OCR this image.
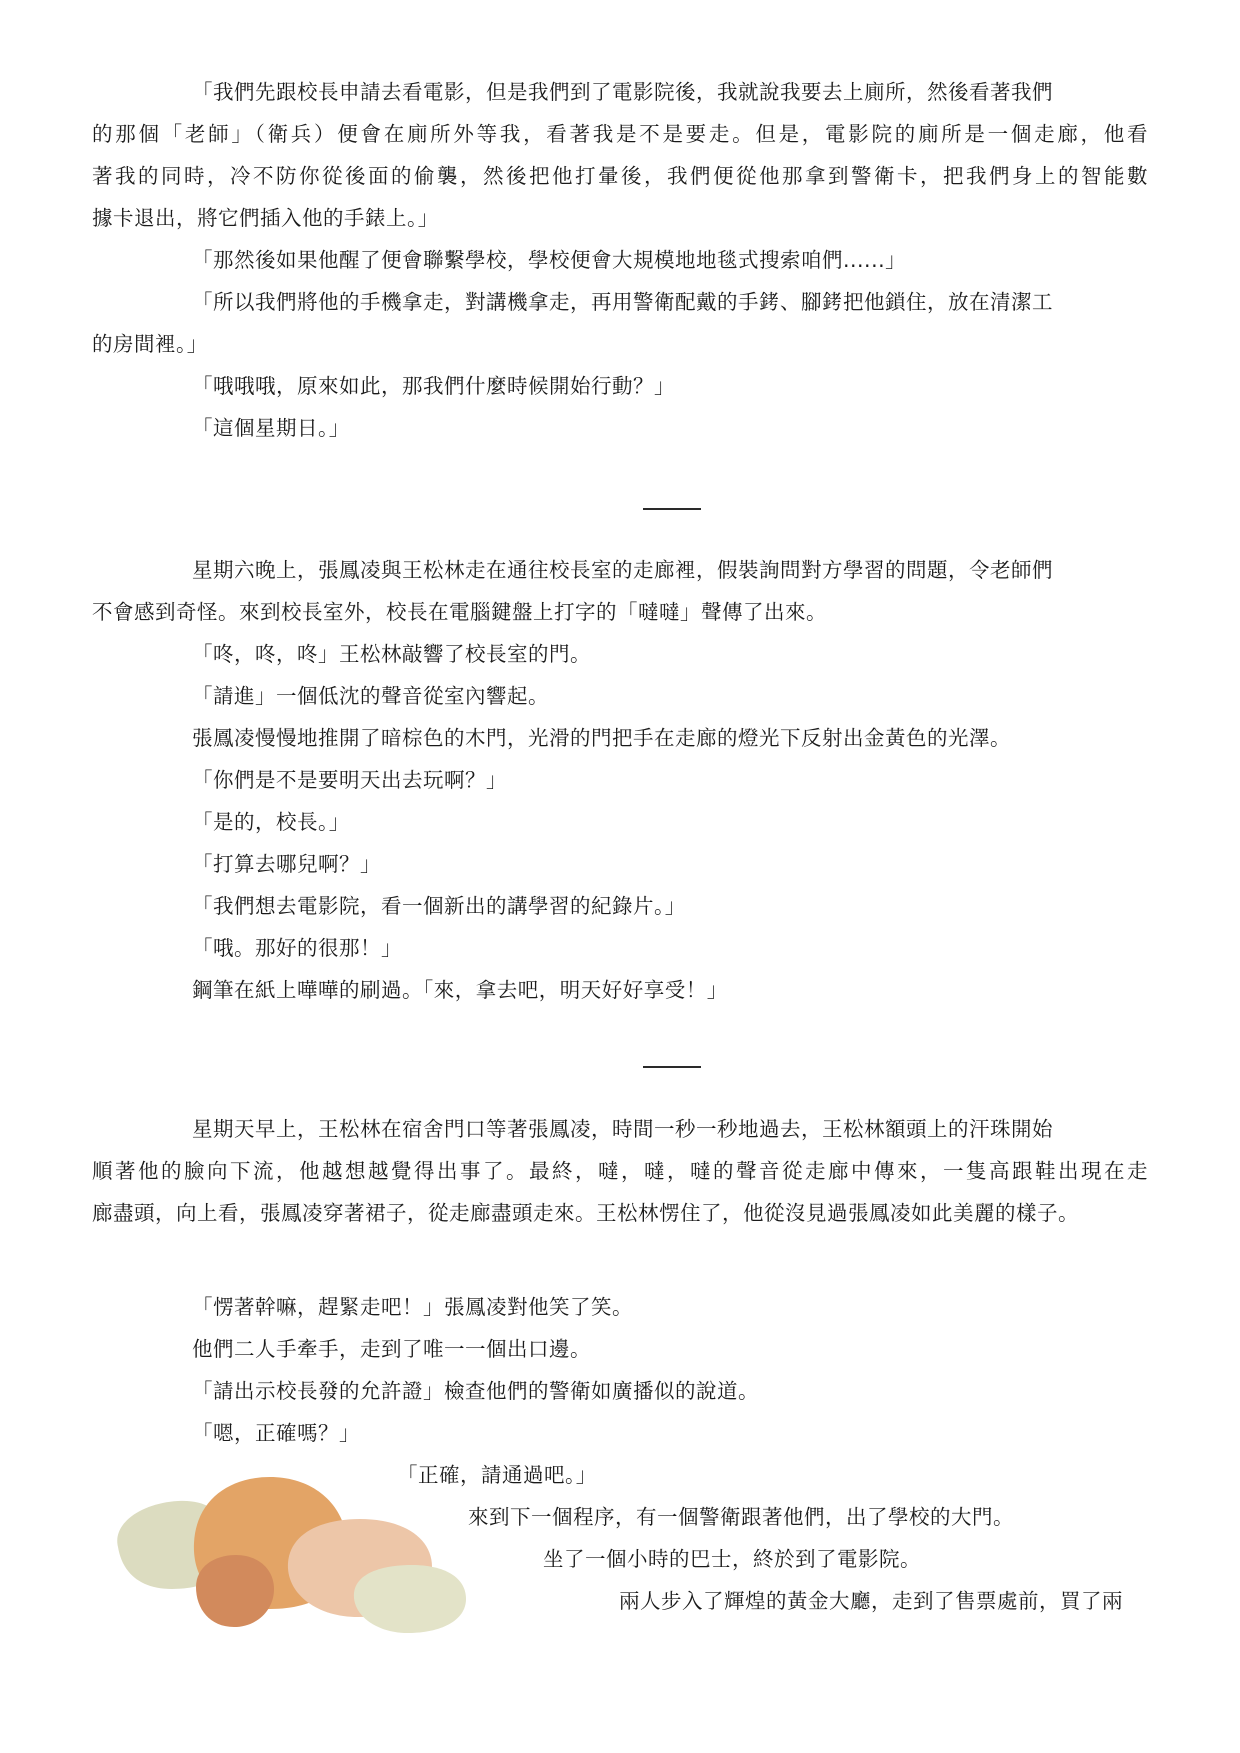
「我們先跟校長申請去看電影，但是我們到了電影院後，我就說我要去上廁所，然後看著我們
的那個「老師」（衛兵）便會在廁所外等我，看著我是不是要走。但是，電影院的廁所是一個走廊，他看
著我的同時，冷不防你從後面的偷襲，然後把他打暈後，我們便從他那拿到警衛卡，把我們身上的智能數
據卡退出，將它們插入他的手錶上。」
「那然後如果他醒了便會聯繫學校，學校便會大規模地地毯式搜索咱們......」
「所以我們將他的手機拿走，對講機拿走，再用警衛配戴的手銬、腳銬把他鎖住，放在清潔工
的房間裡。」
「哦哦哦，原來如此，那我們什麼時候開始行動？」
「這個星期日。」
星期六晚上，張鳳凌與王松林走在通往校長室的走廊裡，假裝詢問對方學習的問題，令老師們
不會感到奇怪。來到校長室外，校長在電腦鍵盤上打字的「噠噠」聲傳了出來。
「咚，咚，咚」王松林敲響了校長室的門。
「請進」一個低沈的聲音從室內響起。
張鳳凌慢慢地推開了暗棕色的木門，光滑的門把手在走廊的燈光下反射出金黃色的光澤。
「你們是不是要明天出去玩啊？」
「是的，校長。」
「打算去哪兒啊？」
「我們想去電影院，看一個新出的講學習的紀錄片。」
「哦。那好的很那！」
鋼筆在紙上嘩嘩的刷過。「來，拿去吧，明天好好享受！」
星期天早上，王松林在宿舍門口等著張鳳凌，時間一秒一秒地過去，王松林額頭上的汗珠開始
順著他的臉向下流，他越想越覺得出事了。最終，噠，噠，噠的聲音從走廊中傳來，一隻高跟鞋出現在走
廊盡頭，向上看，張鳳凌穿著裙子，從走廊盡頭走來。王松林愣住了，他從沒見過張鳳凌如此美麗的樣子。
「愣著幹嘛，趕緊走吧！」張鳳凌對他笑了笑。
他們二人手牽手，走到了唯一一個出口邊。
「請出示校長發的允許證」檢查他們的警衛如廣播似的說道。
「嗯，正確嗎？」
「正確，請通過吧。」
來到下一個程序，有一個警衛跟著他們，出了學校的大門。
坐了一個小時的巴士，終於到了電影院。
兩人步入了輝煌的黃金大廳，走到了售票處前，買了兩
